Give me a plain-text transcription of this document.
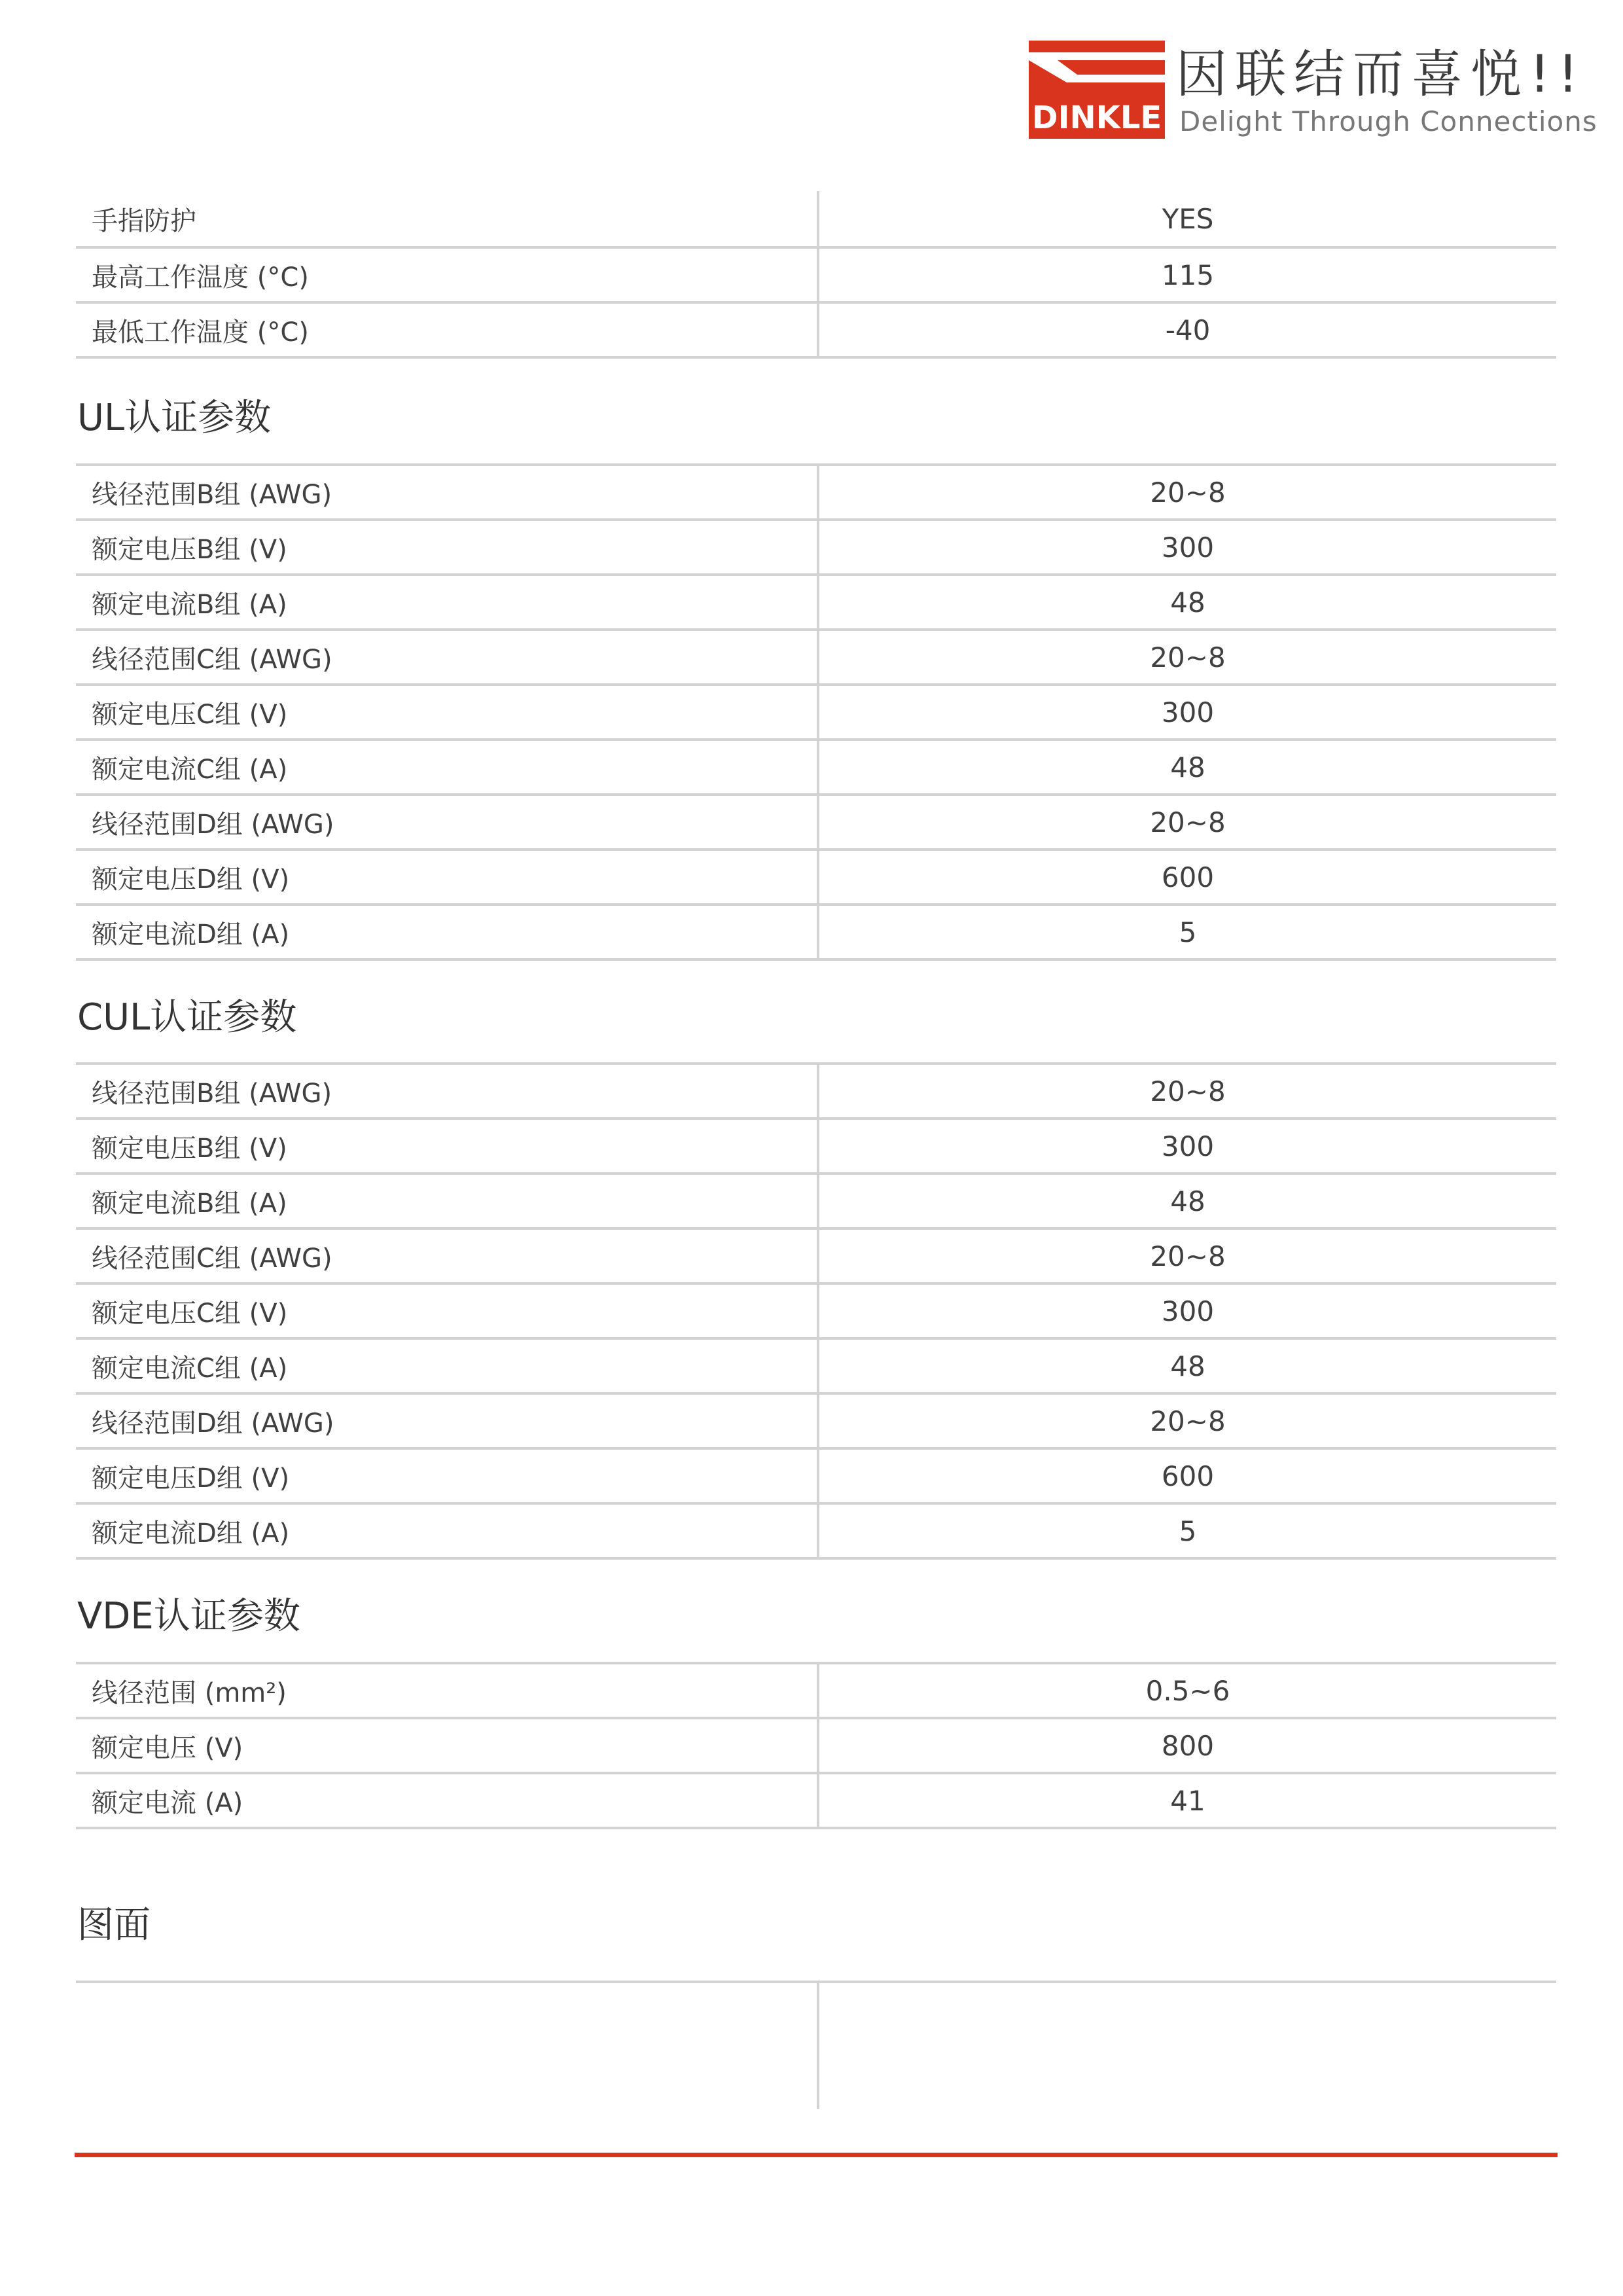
DINKLE
因联结而喜悦!!
Delight Through Connections
手指防护	YES
最高工作温度 (°C)	115
最低工作温度 (°C)	-40
UL认证参数
线径范围B组 (AWG)	20~8
额定电压B组 (V)	300
额定电流B组 (A)	48
线径范围C组 (AWG)	20~8
额定电压C组 (V)	300
额定电流C组 (A)	48
线径范围D组 (AWG)	20~8
额定电压D组 (V)	600
额定电流D组 (A)	5
CUL认证参数
线径范围B组 (AWG)	20~8
额定电压B组 (V)	300
额定电流B组 (A)	48
线径范围C组 (AWG)	20~8
额定电压C组 (V)	300
额定电流C组 (A)	48
线径范围D组 (AWG)	20~8
额定电压D组 (V)	600
额定电流D组 (A)	5
VDE认证参数
线径范围 (mm²)	0.5~6
额定电压 (V)	800
额定电流 (A)	41
图面
